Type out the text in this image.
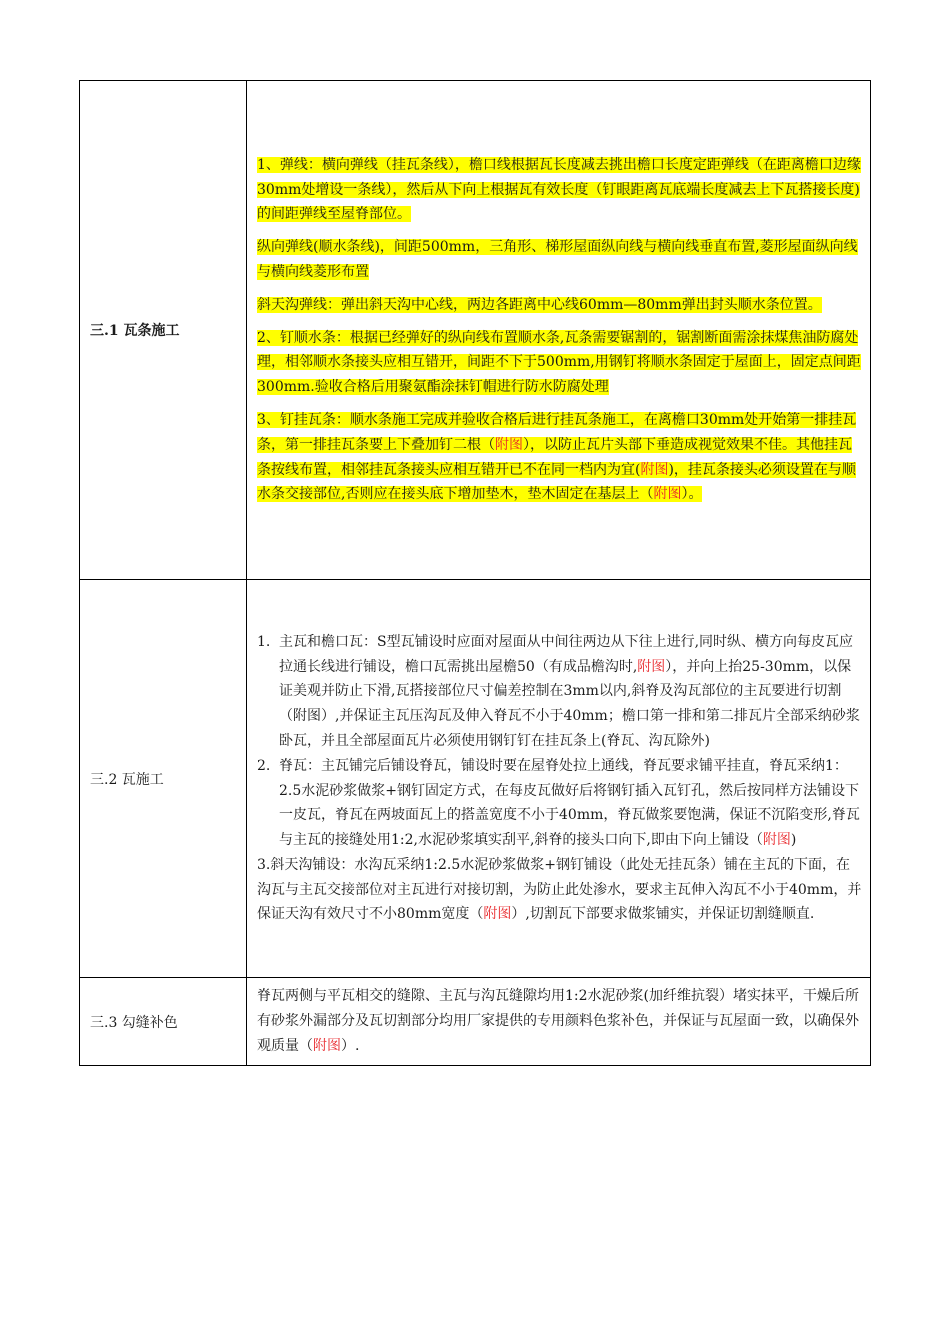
三.1 瓦条施工	1、弹线：横向弹线（挂瓦条线），檐口线根据瓦长度减去挑出檐口长度定距弹线（在距离檐口边缘30mm处增设一条线），然后从下向上根据瓦有效长度（钉眼距离瓦底端长度减去上下瓦搭接长度)的间距弹线至屋脊部位。

纵向弹线(顺水条线)，间距500mm，三角形、梯形屋面纵向线与横向线垂直布置,菱形屋面纵向线与横向线菱形布置

斜天沟弹线：弹出斜天沟中心线，两边各距离中心线60mm—80mm弹出封头顺水条位置。

2、钉顺水条：根据已经弹好的纵向线布置顺水条,瓦条需要锯割的，锯割断面需涂抹煤焦油防腐处理，相邻顺水条接头应相互错开，间距不下于500mm,用钢钉将顺水条固定于屋面上，固定点间距300mm.验收合格后用聚氨酯涂抹钉帽进行防水防腐处理

3、钉挂瓦条：顺水条施工完成并验收合格后进行挂瓦条施工，在离檐口30mm处开始第一排挂瓦条，第一排挂瓦条要上下叠加钉二根（附图），以防止瓦片头部下垂造成视觉效果不佳。其他挂瓦条按线布置，相邻挂瓦条接头应相互错开已不在同一档内为宜(附图)，挂瓦条接头必须设置在与顺水条交接部位,否则应在接头底下增加垫木，垫木固定在基层上（附图）。

三.2 瓦施工	1. 主瓦和檐口瓦：S型瓦铺设时应面对屋面从中间往两边从下往上进行,同时纵、横方向每皮瓦应拉通长线进行铺设，檐口瓦需挑出屋檐50（有成品檐沟时,附图），并向上抬25-30mm，以保证美观并防止下滑,瓦搭接部位尺寸偏差控制在3mm以内,斜脊及沟瓦部位的主瓦要进行切割（附图）,并保证主瓦压沟瓦及伸入脊瓦不小于40mm；檐口第一排和第二排瓦片全部采纳砂浆卧瓦，并且全部屋面瓦片必须使用钢钉钉在挂瓦条上(脊瓦、沟瓦除外)

2. 脊瓦：主瓦铺完后铺设脊瓦，铺设时要在屋脊处拉上通线，脊瓦要求铺平挂直，脊瓦采纳1：2.5水泥砂浆做浆+钢钉固定方式，在每皮瓦做好后将钢钉插入瓦钉孔，然后按同样方法铺设下一皮瓦，脊瓦在两坡面瓦上的搭盖宽度不小于40mm，脊瓦做浆要饱满，保证不沉陷变形,脊瓦与主瓦的接缝处用1:2,水泥砂浆填实刮平,斜脊的接头口向下,即由下向上铺设（附图)

3.斜天沟铺设：水沟瓦采纳1:2.5水泥砂浆做浆+钢钉铺设（此处无挂瓦条）铺在主瓦的下面，在沟瓦与主瓦交接部位对主瓦进行对接切割，为防止此处渗水，要求主瓦伸入沟瓦不小于40mm，并保证天沟有效尺寸不小80mm宽度（附图）,切割瓦下部要求做浆铺实，并保证切割缝顺直.

三.3 勾缝补色	脊瓦两侧与平瓦相交的缝隙、主瓦与沟瓦缝隙均用1:2水泥砂浆(加纤维抗裂）堵实抹平，干燥后所有砂浆外漏部分及瓦切割部分均用厂家提供的专用颜料色浆补色，并保证与瓦屋面一致，以确保外观质量（附图）.
